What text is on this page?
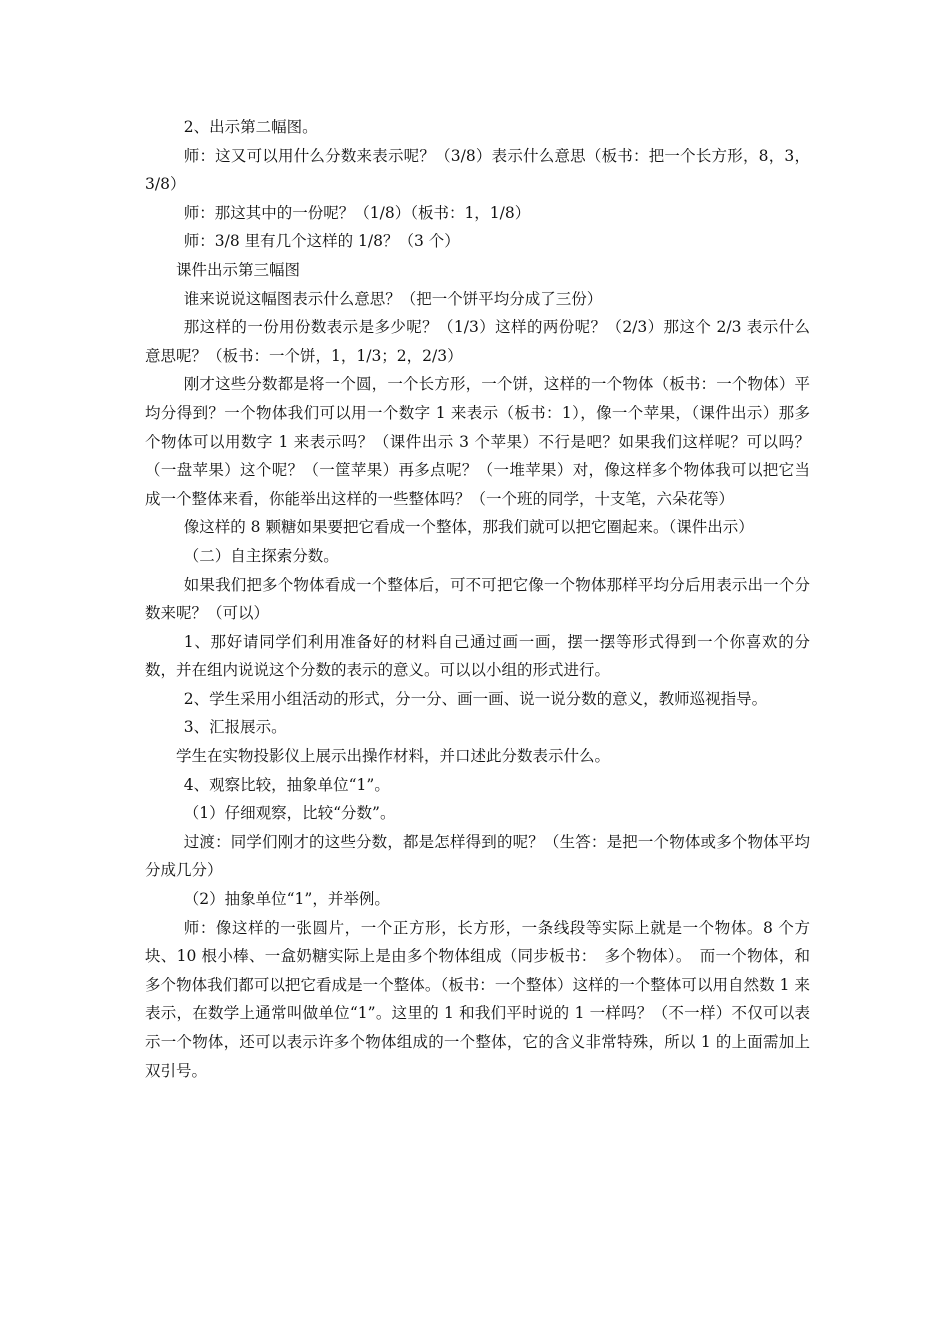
2、出示第二幅图。

师：这又可以用什么分数来表示呢？（3/8）表示什么意思（板书：把一个长方形，8，3，3/8）

师：那这其中的一份呢？（1/8）（板书：1，1/8）

师：3/8 里有几个这样的 1/8？（3 个）

课件出示第三幅图

谁来说说这幅图表示什么意思？（把一个饼平均分成了三份）

那这样的一份用份数表示是多少呢？（1/3）这样的两份呢？（2/3）那这个 2/3 表示什么意思呢？（板书：一个饼，1，1/3；2，2/3）

刚才这些分数都是将一个圆，一个长方形，一个饼，这样的一个物体（板书：一个物体）平均分得到？一个物体我们可以用一个数字 1 来表示（板书：1），像一个苹果，（课件出示）那多个物体可以用数字 1 来表示吗？（课件出示 3 个苹果）不行是吧？如果我们这样呢？可以吗？（一盘苹果）这个呢？（一筐苹果）再多点呢？（一堆苹果）对，像这样多个物体我可以把它当成一个整体来看，你能举出这样的一些整体吗？（一个班的同学，十支笔，六朵花等）

像这样的 8 颗糖如果要把它看成一个整体，那我们就可以把它圈起来。（课件出示）

（二）自主探索分数。

如果我们把多个物体看成一个整体后，可不可把它像一个物体那样平均分后用表示出一个分数来呢？（可以）

1、那好请同学们利用准备好的材料自己通过画一画，摆一摆等形式得到一个你喜欢的分数，并在组内说说这个分数的表示的意义。可以以小组的形式进行。

2、学生采用小组活动的形式，分一分、画一画、说一说分数的意义，教师巡视指导。

3、汇报展示。

学生在实物投影仪上展示出操作材料，并口述此分数表示什么。

4、观察比较，抽象单位“1”。

（1）仔细观察，比较“分数”。

过渡：同学们刚才的这些分数，都是怎样得到的呢？（生答：是把一个物体或多个物体平均分成几分）

（2）抽象单位“1”，并举例。

师：像这样的一张圆片，一个正方形，长方形，一条线段等实际上就是一个物体。8 个方块、10 根小棒、一盒奶糖实际上是由多个物体组成（同步板书：　多个物体）。　而一个物体，和多个物体我们都可以把它看成是一个整体。（板书：一个整体）这样的一个整体可以用自然数 1 来表示，在数学上通常叫做单位“1”。这里的 1 和我们平时说的 1 一样吗？（不一样）不仅可以表示一个物体，还可以表示许多个物体组成的一个整体，它的含义非常特殊，所以 1 的上面需加上双引号。
